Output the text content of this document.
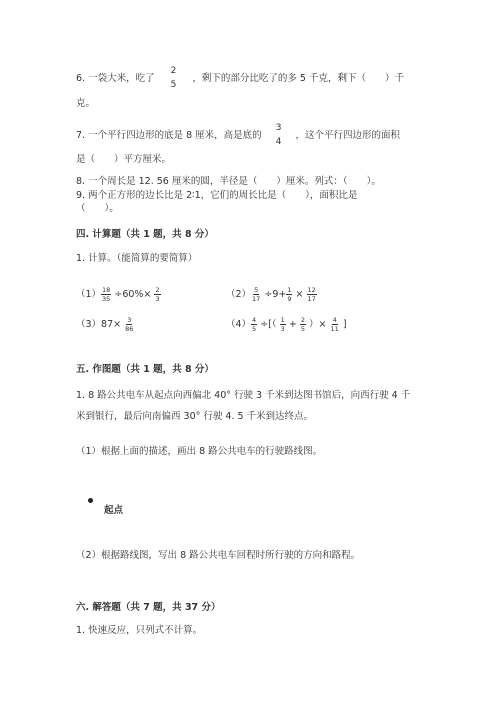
6. 一袋大米，吃了 $\frac{2}{5}$ ，剩下的部分比吃了的多 5 千克，剩下（　　）千
克。
7. 一个平行四边形的底是 8 厘米，高是底的 $\frac{3}{4}$ ，这个平行四边形的面积
是（　　）平方厘米。
8. 一个周长是 12. 56 厘米的圆，半径是（　　）厘米。列式：（　　）。
9. 两个正方形的边长比是 2∶1，它们的周长比是（　　），面积比是
（　　）。
四. 计算题（共 1 题，共 8 分）
1. 计算。（能简算的要简算）
$(1) \frac{18}{35} \div 60\%\times \frac{2}{3}$	$(2) \frac{5}{17} \div 9+ \frac{1}{9} \times \frac{12}{17}$
$(3)87\times \frac{3}{86}$	$(4) \frac{4}{5}$ ÷[（ $\frac{1}{3} + \frac{2}{5}$ ）× $\frac{4}{11}$ ]
五. 作图题（共 1 题，共 8 分）
1. 8 路公共电车从起点向西偏北 40° 行驶 3 千米到达图书馆后，向西行驶 4 千
米到银行，最后向南偏西 30° 行驶 4. 5 千米到达终点。
（1）根据上面的描述，画出 8 路公共电车的行驶路线图。
起点
（2）根据路线图，写出 8 路公共电车回程时所行驶的方向和路程。
六. 解答题（共 7 题，共 37 分）
1. 快速反应，只列式不计算。
